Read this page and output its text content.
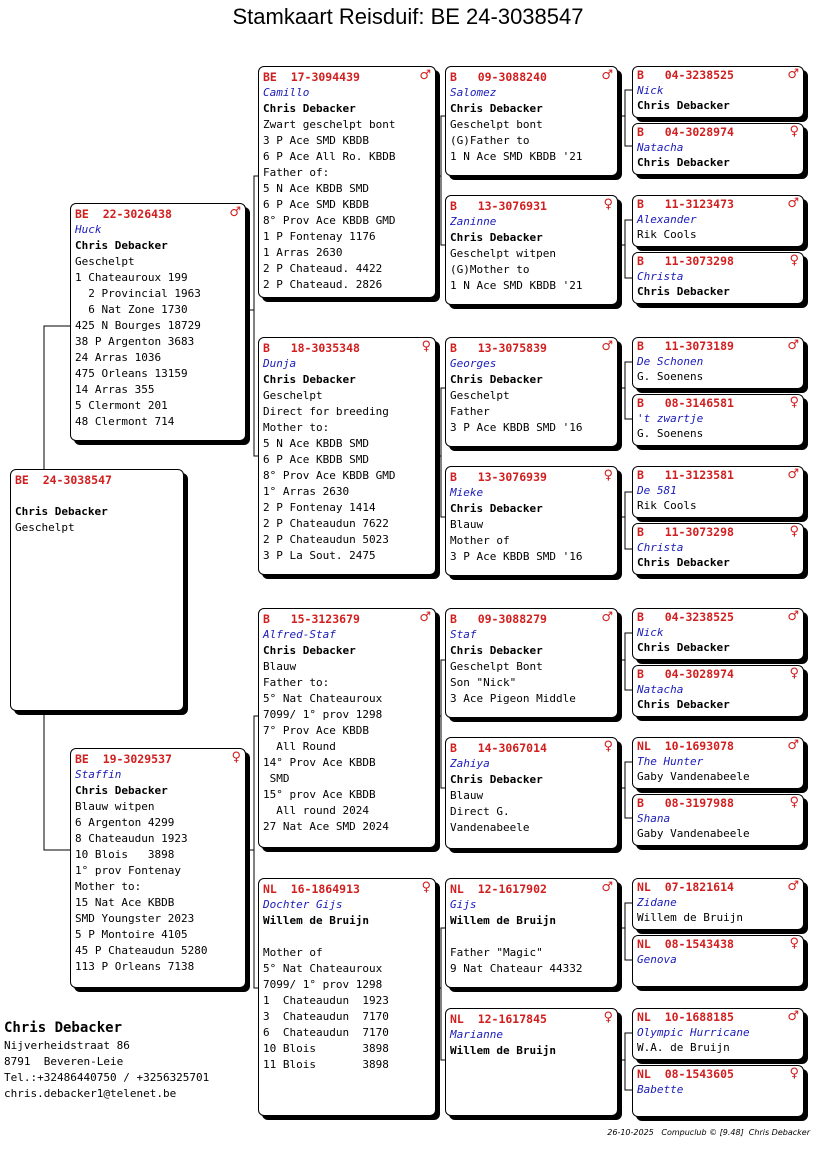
Stamkaart Reisduif: BE 24-3038547
BE  24-3038547
Chris Debacker
Geschelpt
BE  22-3026438	♂
Huck
Chris Debacker
Geschelpt
1 Chateauroux 199
2 Provincial 1963
6 Nat Zone 1730
425 N Bourges 18729
38 P Argenton 3683
24 Arras 1036
475 Orleans 13159
14 Arras 355
5 Clermont 201
48 Clermont 714
BE  19-3029537	♀
Staffin
Chris Debacker
Blauw witpen
6 Argenton 4299
8 Chateaudun 1923
10 Blois   3898
1° prov Fontenay
Mother to:
15 Nat Ace KBDB
SMD Youngster 2023
5 P Montoire 4105
45 P Chateaudun 5280
113 P Orleans 7138
BE  17-3094439	♂
Camillo
Chris Debacker
Zwart geschelpt bont
3 P Ace SMD KBDB
6 P Ace All Ro. KBDB
Father of:
5 N Ace KBDB SMD
6 P Ace SMD KBDB
8° Prov Ace KBDB GMD
1 P Fontenay 1176
1 Arras 2630
2 P Chateaud. 4422
2 P Chateaud. 2826
B   18-3035348	♀
Dunja
Chris Debacker
Geschelpt
Direct for breeding
Mother to:
5 N Ace KBDB SMD
6 P Ace KBDB SMD
8° Prov Ace KBDB GMD
1° Arras 2630
2 P Fontenay 1414
2 P Chateaudun 7622
2 P Chateaudun 5023
3 P La Sout. 2475
B   15-3123679	♂
Alfred-Staf
Chris Debacker
Blauw
Father to:
5° Nat Chateauroux
7099/ 1° prov 1298
7° Prov Ace KBDB
All Round
14° Prov Ace KBDB
SMD
15° prov Ace KBDB
All round 2024
27 Nat Ace SMD 2024
NL  16-1864913	♀
Dochter Gijs
Willem de Bruijn
Mother of
5° Nat Chateauroux
7099/ 1° prov 1298
1  Chateaudun  1923
3  Chateaudun  7170
6  Chateaudun  7170
10 Blois       3898
11 Blois       3898
B   09-3088240	♂
Salomez
Chris Debacker
Geschelpt bont
(G)Father to
1 N Ace SMD KBDB '21
B   13-3076931	♀
Zaninne
Chris Debacker
Geschelpt witpen
(G)Mother to
1 N Ace SMD KBDB '21
B   13-3075839	♂
Georges
Chris Debacker
Geschelpt
Father
3 P Ace KBDB SMD '16
B   13-3076939	♀
Mieke
Chris Debacker
Blauw
Mother of
3 P Ace KBDB SMD '16
B   09-3088279	♂
Staf
Chris Debacker
Geschelpt Bont
Son "Nick"
3 Ace Pigeon Middle
B   14-3067014	♀
Zahiya
Chris Debacker
Blauw
Direct G.
Vandenabeele
NL  12-1617902	♂
Gijs
Willem de Bruijn
Father "Magic"
9 Nat Chateaur 44332
NL  12-1617845	♀
Marianne
Willem de Bruijn
B   04-3238525	♂
Nick
Chris Debacker
B   04-3028974	♀
Natacha
Chris Debacker
B   11-3123473	♂
Alexander
Rik Cools
B   11-3073298	♀
Christa
Chris Debacker
B   11-3073189	♂
De Schonen
G. Soenens
B   08-3146581	♀
't zwartje
G. Soenens
B   11-3123581	♂
De 581
Rik Cools
B   11-3073298	♀
Christa
Chris Debacker
B   04-3238525	♂
Nick
Chris Debacker
B   04-3028974	♀
Natacha
Chris Debacker
NL  10-1693078	♂
The Hunter
Gaby Vandenabeele
B   08-3197988	♀
Shana
Gaby Vandenabeele
NL  07-1821614	♂
Zidane
Willem de Bruijn
NL  08-1543438	♀
Genova
NL  10-1688185	♂
Olympic Hurricane
W.A. de Bruijn
NL  08-1543605	♀
Babette
Chris Debacker
Nijverheidstraat 86
8791  Beveren-Leie
Tel.:+32486440750 / +3256325701
chris.debacker1@telenet.be
26-10-2025   Compuclub © [9.48]  Chris Debacker
